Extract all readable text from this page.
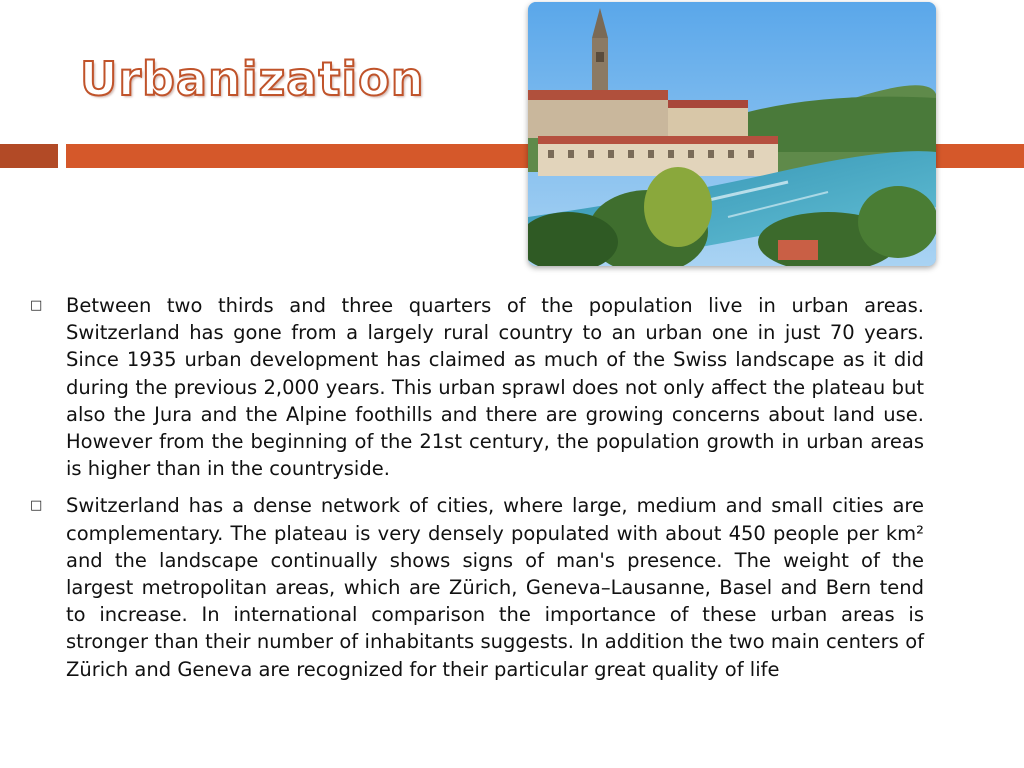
Urbanization
□	Between two thirds and three quarters of the population live in urban areas. Switzerland has gone from a largely rural country to an urban one in just 70 years. Since 1935 urban development has claimed as much of the Swiss landscape as it did during the previous 2,000 years. This urban sprawl does not only affect the plateau but also the Jura and the Alpine foothills and there are growing concerns about land use. However from the beginning of the 21st century, the population growth in urban areas is higher than in the countryside.
□	Switzerland has a dense network of cities, where large, medium and small cities are complementary. The plateau is very densely populated with about 450 people per km² and the landscape continually shows signs of man's presence. The weight of the largest metropolitan areas, which are Zürich, Geneva–Lausanne, Basel and Bern tend to increase. In international comparison the importance of these urban areas is stronger than their number of inhabitants suggests. In addition the two main centers of Zürich and Geneva are recognized for their particular great quality of life
